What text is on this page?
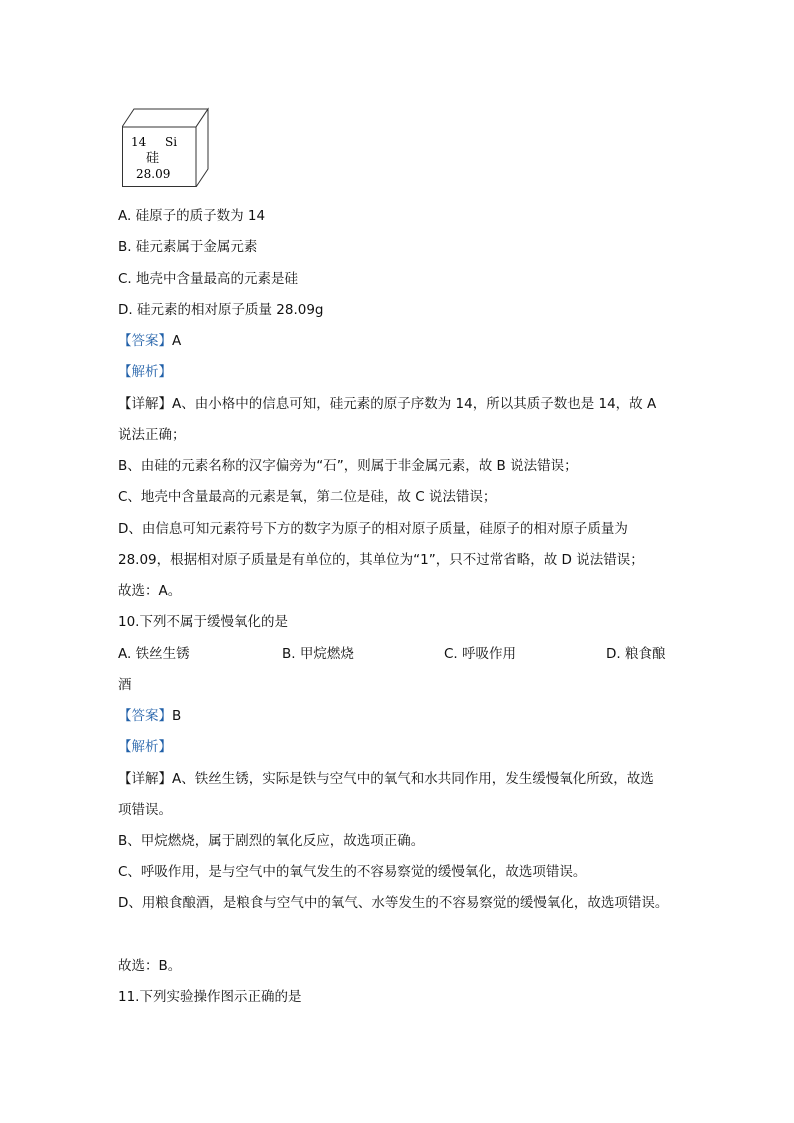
14 Si
硅
28.09
A. 硅原子的质子数为 14
B. 硅元素属于金属元素
C. 地壳中含量最高的元素是硅
D. 硅元素的相对原子质量 28.09g
【答案】A
【解析】
【详解】A、由小格中的信息可知，硅元素的原子序数为 14，所以其质子数也是 14，故 A
说法正确；
B、由硅的元素名称的汉字偏旁为“石”，则属于非金属元素，故 B 说法错误；
C、地壳中含量最高的元素是氧，第二位是硅，故 C 说法错误；
D、由信息可知元素符号下方的数字为原子的相对原子质量，硅原子的相对原子质量为
28.09，根据相对原子质量是有单位的，其单位为“1”，只不过常省略，故 D 说法错误；
故选：A。
10.下列不属于缓慢氧化的是
A. 铁丝生锈	B. 甲烷燃烧	C. 呼吸作用	D. 粮食酿
酒
【答案】B
【解析】
【详解】A、铁丝生锈，实际是铁与空气中的氧气和水共同作用，发生缓慢氧化所致，故选
项错误。
B、甲烷燃烧，属于剧烈的氧化反应，故选项正确。
C、呼吸作用，是与空气中的氧气发生的不容易察觉的缓慢氧化，故选项错误。
D、用粮食酿酒，是粮食与空气中的氧气、水等发生的不容易察觉的缓慢氧化，故选项错误。
故选：B。
11.下列实验操作图示正确的是
